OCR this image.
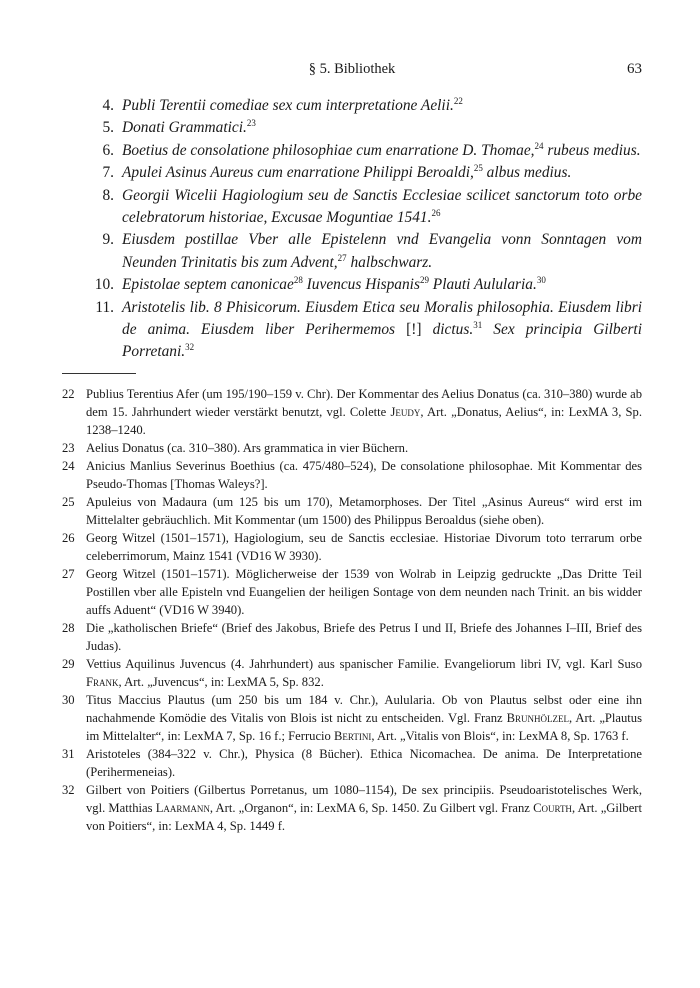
§ 5. Bibliothek	63
4. Publi Terentii comediae sex cum interpretatione Aelii.$^{22}$
5. Donati Grammatici.$^{23}$
6. Boetius de consolatione philosophiae cum enarratione D. Thomae,$^{24}$ rubeus medius.
7. Apulei Asinus Aureus cum enarratione Philippi Beroaldi,$^{25}$ albus medius.
8. Georgii Wicelii Hagiologium seu de Sanctis Ecclesiae scilicet sanctorum toto orbe celebratorum historiae, Excusae Moguntiae 1541.26
9. Eiusdem postillae Vber alle Epistelenn vnd Evangelia vonn Sonntagen vom Neunden Trinitatis bis zum Advent,$^{27}$ halbschwarz.
10. Epistolae septem canonicae$^{28}$ Iuvencus Hispanis$^{29}$ Plauti Aulularia.$^{30}$
11. Aristotelis lib. 8 Phisicorum. Eiusdem Etica seu Moralis philosophia. Eiusdem libri de anima. Eiusdem liber Perihermemos [!] dictus.$^{31}$ Sex principia Gilberti Porretani.$^{32}$
22 Publius Terentius Afer (um 195/190–159 v. Chr). Der Kommentar des Aelius Donatus (ca. 310–380) wurde ab dem 15. Jahrhundert wieder verstärkt benutzt, vgl. Colette Jeudy, Art. „Donatus, Aelius“, in: LexMA 3, Sp. 1238–1240.
23 Aelius Donatus (ca. 310–380). Ars grammatica in vier Büchern.
24 Anicius Manlius Severinus Boethius (ca. 475/480–524), De consolatione philosophae. Mit Kommentar des Pseudo-Thomas [Thomas Waleys?].
25 Apuleius von Madaura (um 125 bis um 170), Metamorphoses. Der Titel „Asinus Aureus“ wird erst im Mittelalter gebräuchlich. Mit Kommentar (um 1500) des Philippus Beroaldus (siehe oben).
26 Georg Witzel (1501–1571), Hagiologium, seu de Sanctis ecclesiae. Historiae Divorum toto terrarum orbe celeberrimorum, Mainz 1541 (VD16 W 3930).
27 Georg Witzel (1501–1571). Möglicherweise der 1539 von Wolrab in Leipzig gedruckte „Das Dritte Teil Postillen vber alle Episteln vnd Euangelien der heiligen Sontage von dem neunden nach Trinit. an bis widder auffs Aduent“ (VD16 W 3940).
28 Die „katholischen Briefe“ (Brief des Jakobus, Briefe des Petrus I und II, Briefe des Johannes I–III, Brief des Judas).
29 Vettius Aquilinus Juvencus (4. Jahrhundert) aus spanischer Familie. Evangeliorum libri IV, vgl. Karl Suso Frank, Art. „Juvencus“, in: LexMA 5, Sp. 832.
30 Titus Maccius Plautus (um 250 bis um 184 v. Chr.), Aulularia. Ob von Plautus selbst oder eine ihn nachahmende Komödie des Vitalis von Blois ist nicht zu entscheiden. Vgl. Franz Brunhölzel, Art. „Plautus im Mittelalter“, in: LexMA 7, Sp. 16 f.; Ferrucio Bertini, Art. „Vitalis von Blois“, in: LexMA 8, Sp. 1763 f.
31 Aristoteles (384–322 v. Chr.), Physica (8 Bücher). Ethica Nicomachea. De anima. De Interpretatione (Perihermeneias).
32 Gilbert von Poitiers (Gilbertus Porretanus, um 1080–1154), De sex principiis. Pseudoaristotelisches Werk, vgl. Matthias Laarmann, Art. „Organon“, in: LexMA 6, Sp. 1450. Zu Gilbert vgl. Franz Courth, Art. „Gilbert von Poitiers“, in: LexMA 4, Sp. 1449 f.
